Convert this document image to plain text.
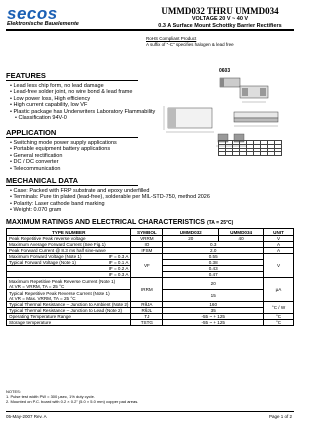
secos
Elektronische Bauelemente
UMMD032 THRU UMMD034
VOLTAGE 20 V ~ 40 V
0.3 A Surface Mount Schottky Barrier Rectifiers
RoHS Compliant Product
A suffix of "-C" specifies halogen & lead free
0603

FEATURES
• Lead less chip form, no lead damage
• Lead-free solder joint, no wire bond & lead frame
• Low power loss, High efficiency
• High current capability, low VF
• Plastic package has Underwriters Laboratory Flammability
• Classification 94V-0
APPLICATION
• Switching mode power supply applications
• Portable equipment battery applications
• General rectification
• DC / DC converter
• Telecommunication
MECHANICAL DATA
• Case: Packed with FRP substrate and epoxy underfilled
• Terminals: Pure tin plated (lead-free), solderable per MIL-STD-750, method 2026
• Polarity: Laser cathode band marking
• Weight: 0.070 gram
MAXIMUM RATINGS AND ELECTRICAL CHARACTERISTICS (TA = 25°C)
TYPE NUMBER	SYMBOL	UMMD032	UMMD034	UNIT
Peak Repetitive Peak reverse voltage	VRRM	20	40	V
Maximum Average Forward Current (See Fig.1)	IO	0.3		A
Peak Forward Current @ 8.3 ms half sine-wave	IFSM	2.0		A
Maximum Forward Voltage (Note 1) IF = 0.3 A	VF	0.55		V
Typical Forward Voltage (Note 1) IF = 0.1 A		0.38		

IF = 0.2 A		0.43		

IF = 0.3 A		0.47		

Maximum Repetitive Peak Reverse Current (Note 1)
At VR = VRRM, TA = 25 °C	IRRM	20		μA

Typical Repetitive Peak Reverse Current (Note 1)
At VR = Max. VRRM, TA = 25 °C		15		
Typical Thermal Resistance – Junction to Ambient (Note 2)	RθJA	160		°C / W
Typical Thermal Resistance – Junction to Lead (Note 2)	RθJL	35		
Operating Temperature Range	TJ	-55 ~ + 125		°C
Storage temperature	TSTG	-55 ~ + 125		°C
NOTES:
1. Pulse test width PW = 300 μsec, 1% duty cycle.
2. Mounted on P.C. board with 0.2 × 0.2" (5.0 × 5.0 mm) copper pad areas.
05-May-2007 Rev. A	Page 1 of 2
